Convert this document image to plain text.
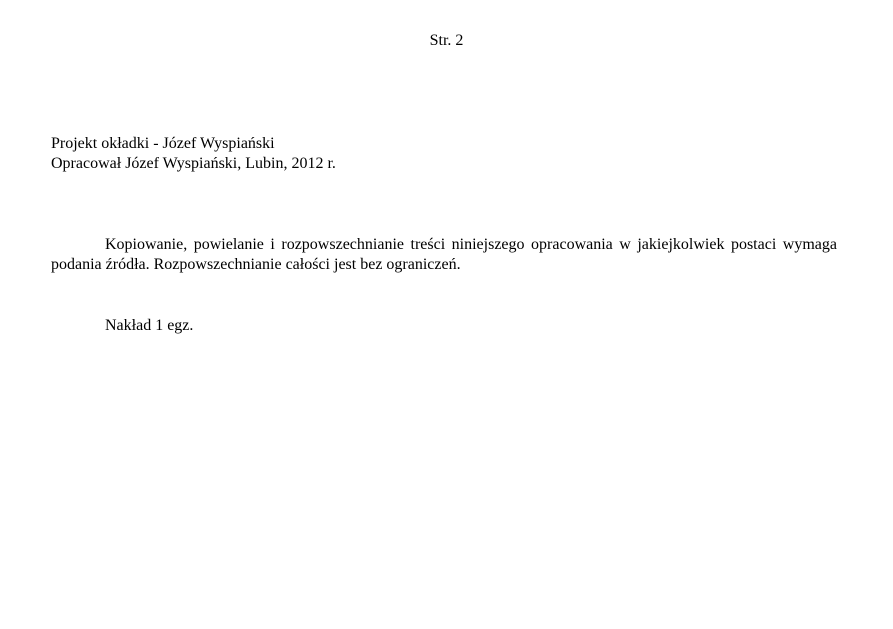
Str. 2
Projekt okładki - Józef Wyspiański
Opracował Józef Wyspiański, Lubin, 2012 r.

Kopiowanie, powielanie i rozpowszechnianie treści niniejszego opracowania w jakiejkolwiek postaci wymaga podania źródła. Rozpowszechnianie całości jest bez ograniczeń.

Nakład 1 egz.
